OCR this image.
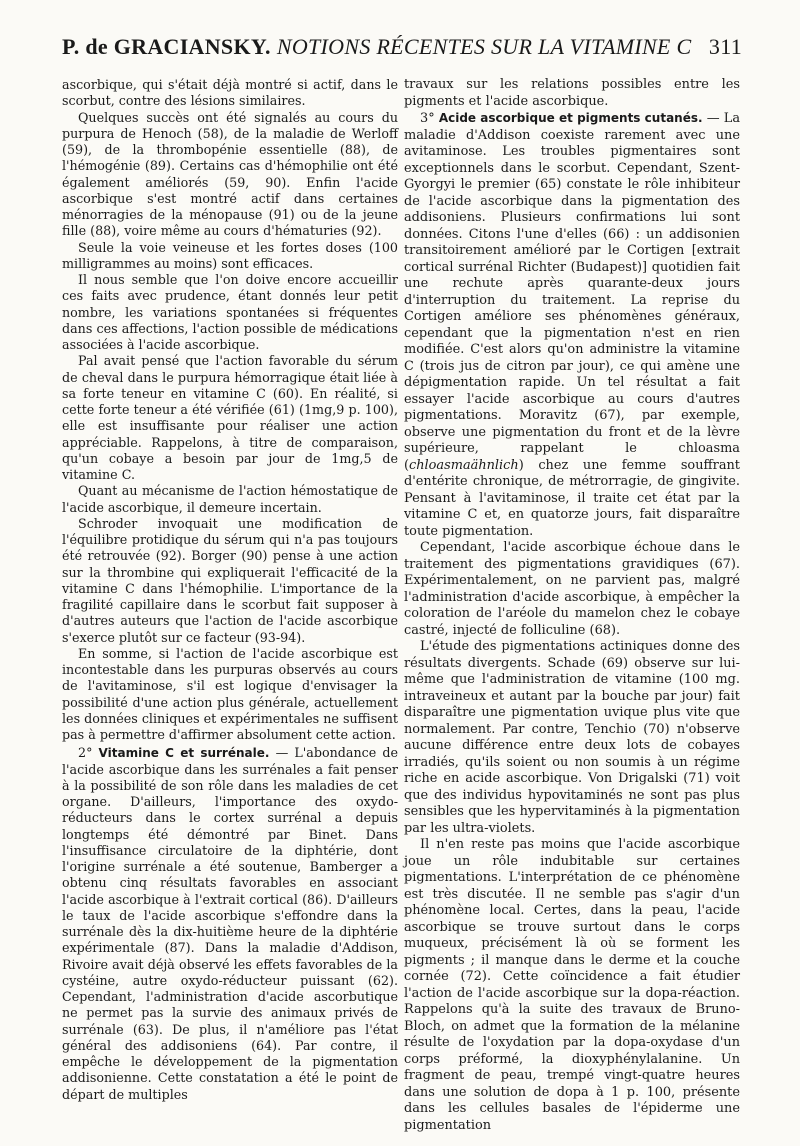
P. de GRACIANSKY. NOTIONS RÉCENTES SUR LA VITAMINE C 311

ascorbique, qui s'était déjà montré si actif, dans le scorbut, contre des lésions similaires.

Quelques succès ont été signalés au cours du purpura de Henoch (58), de la maladie de Werloff (59), de la thrombopénie essentielle (88), de l'hémogénie (89). Certains cas d'hémophilie ont été également améliorés (59, 90). Enfin l'acide ascorbique s'est montré actif dans certaines ménorragies de la ménopause (91) ou de la jeune fille (88), voire même au cours d'hématuries (92).

Seule la voie veineuse et les fortes doses (100 milligrammes au moins) sont efficaces.

Il nous semble que l'on doive encore accueillir ces faits avec prudence, étant donnés leur petit nombre, les variations spontanées si fréquentes dans ces affections, l'action possible de médications associées à l'acide ascorbique.

Pal avait pensé que l'action favorable du sérum de cheval dans le purpura hémorragique était liée à sa forte teneur en vitamine C (60). En réalité, si cette forte teneur a été vérifiée (61) (1mg,9 p. 100), elle est insuffisante pour réaliser une action appréciable. Rappelons, à titre de comparaison, qu'un cobaye a besoin par jour de 1mg,5 de vitamine C.

Quant au mécanisme de l'action hémostatique de l'acide ascorbique, il demeure incertain.

Schroder invoquait une modification de l'équilibre protidique du sérum qui n'a pas toujours été retrouvée (92). Borger (90) pense à une action sur la thrombine qui expliquerait l'efficacité de la vitamine C dans l'hémophilie. L'importance de la fragilité capillaire dans le scorbut fait supposer à d'autres auteurs que l'action de l'acide ascorbique s'exerce plutôt sur ce facteur (93-94).

En somme, si l'action de l'acide ascorbique est incontestable dans les purpuras observés au cours de l'avitaminose, s'il est logique d'envisager la possibilité d'une action plus générale, actuellement les données cliniques et expérimentales ne suffisent pas à permettre d'affirmer absolument cette action.

2° Vitamine C et surrénale. — L'abondance de l'acide ascorbique dans les surrénales a fait penser à la possibilité de son rôle dans les maladies de cet organe. D'ailleurs, l'importance des oxydo-réducteurs dans le cortex surrénal a depuis longtemps été démontré par Binet. Dans l'insuffisance circulatoire de la diphtérie, dont l'origine surrénale a été soutenue, Bamberger a obtenu cinq résultats favorables en associant l'acide ascorbique à l'extrait cortical (86). D'ailleurs le taux de l'acide ascorbique s'effondre dans la surrénale dès la dix-huitième heure de la diphtérie expérimentale (87). Dans la maladie d'Addison, Rivoire avait déjà observé les effets favorables de la cystéine, autre oxydo-réducteur puissant (62). Cependant, l'administration d'acide ascorbutique ne permet pas la survie des animaux privés de surrénale (63). De plus, il n'améliore pas l'état général des addisoniens (64). Par contre, il empêche le développement de la pigmentation addisonienne. Cette constatation a été le point de départ de multiples

travaux sur les relations possibles entre les pigments et l'acide ascorbique.

3° Acide ascorbique et pigments cutanés. — La maladie d'Addison coexiste rarement avec une avitaminose. Les troubles pigmentaires sont exceptionnels dans le scorbut. Cependant, Szent-Gyorgyi le premier (65) constate le rôle inhibiteur de l'acide ascorbique dans la pigmentation des addisoniens. Plusieurs confirmations lui sont données. Citons l'une d'elles (66) : un addisonien transitoirement amélioré par le Cortigen [extrait cortical surrénal Richter (Budapest)] quotidien fait une rechute après quarante-deux jours d'interruption du traitement. La reprise du Cortigen améliore ses phénomènes généraux, cependant que la pigmentation n'est en rien modifiée. C'est alors qu'on administre la vitamine C (trois jus de citron par jour), ce qui amène une dépigmentation rapide. Un tel résultat a fait essayer l'acide ascorbique au cours d'autres pigmentations. Moravitz (67), par exemple, observe une pigmentation du front et de la lèvre supérieure, rappelant le chloasma (chloasmaähnlich) chez une femme souffrant d'entérite chronique, de métrorragie, de gingivite. Pensant à l'avitaminose, il traite cet état par la vitamine C et, en quatorze jours, fait disparaître toute pigmentation.

Cependant, l'acide ascorbique échoue dans le traitement des pigmentations gravidiques (67). Expérimentalement, on ne parvient pas, malgré l'administration d'acide ascorbique, à empêcher la coloration de l'aréole du mamelon chez le cobaye castré, injecté de folliculine (68).

L'étude des pigmentations actiniques donne des résultats divergents. Schade (69) observe sur lui-même que l'administration de vitamine (100 mg. intraveineux et autant par la bouche par jour) fait disparaître une pigmentation uvique plus vite que normalement. Par contre, Tenchio (70) n'observe aucune différence entre deux lots de cobayes irradiés, qu'ils soient ou non soumis à un régime riche en acide ascorbique. Von Drigalski (71) voit que des individus hypovitaminés ne sont pas plus sensibles que les hypervitaminés à la pigmentation par les ultra-violets.

Il n'en reste pas moins que l'acide ascorbique joue un rôle indubitable sur certaines pigmentations. L'interprétation de ce phénomène est très discutée. Il ne semble pas s'agir d'un phénomène local. Certes, dans la peau, l'acide ascorbique se trouve surtout dans le corps muqueux, précisément là où se forment les pigments ; il manque dans le derme et la couche cornée (72). Cette coïncidence a fait étudier l'action de l'acide ascorbique sur la dopa-réaction. Rappelons qu'à la suite des travaux de Bruno-Bloch, on admet que la formation de la mélanine résulte de l'oxydation par la dopa-oxydase d'un corps préformé, la dioxyphénylalanine. Un fragment de peau, trempé vingt-quatre heures dans une solution de dopa à 1 p. 100, présente dans les cellules basales de l'épiderme une pigmentation
